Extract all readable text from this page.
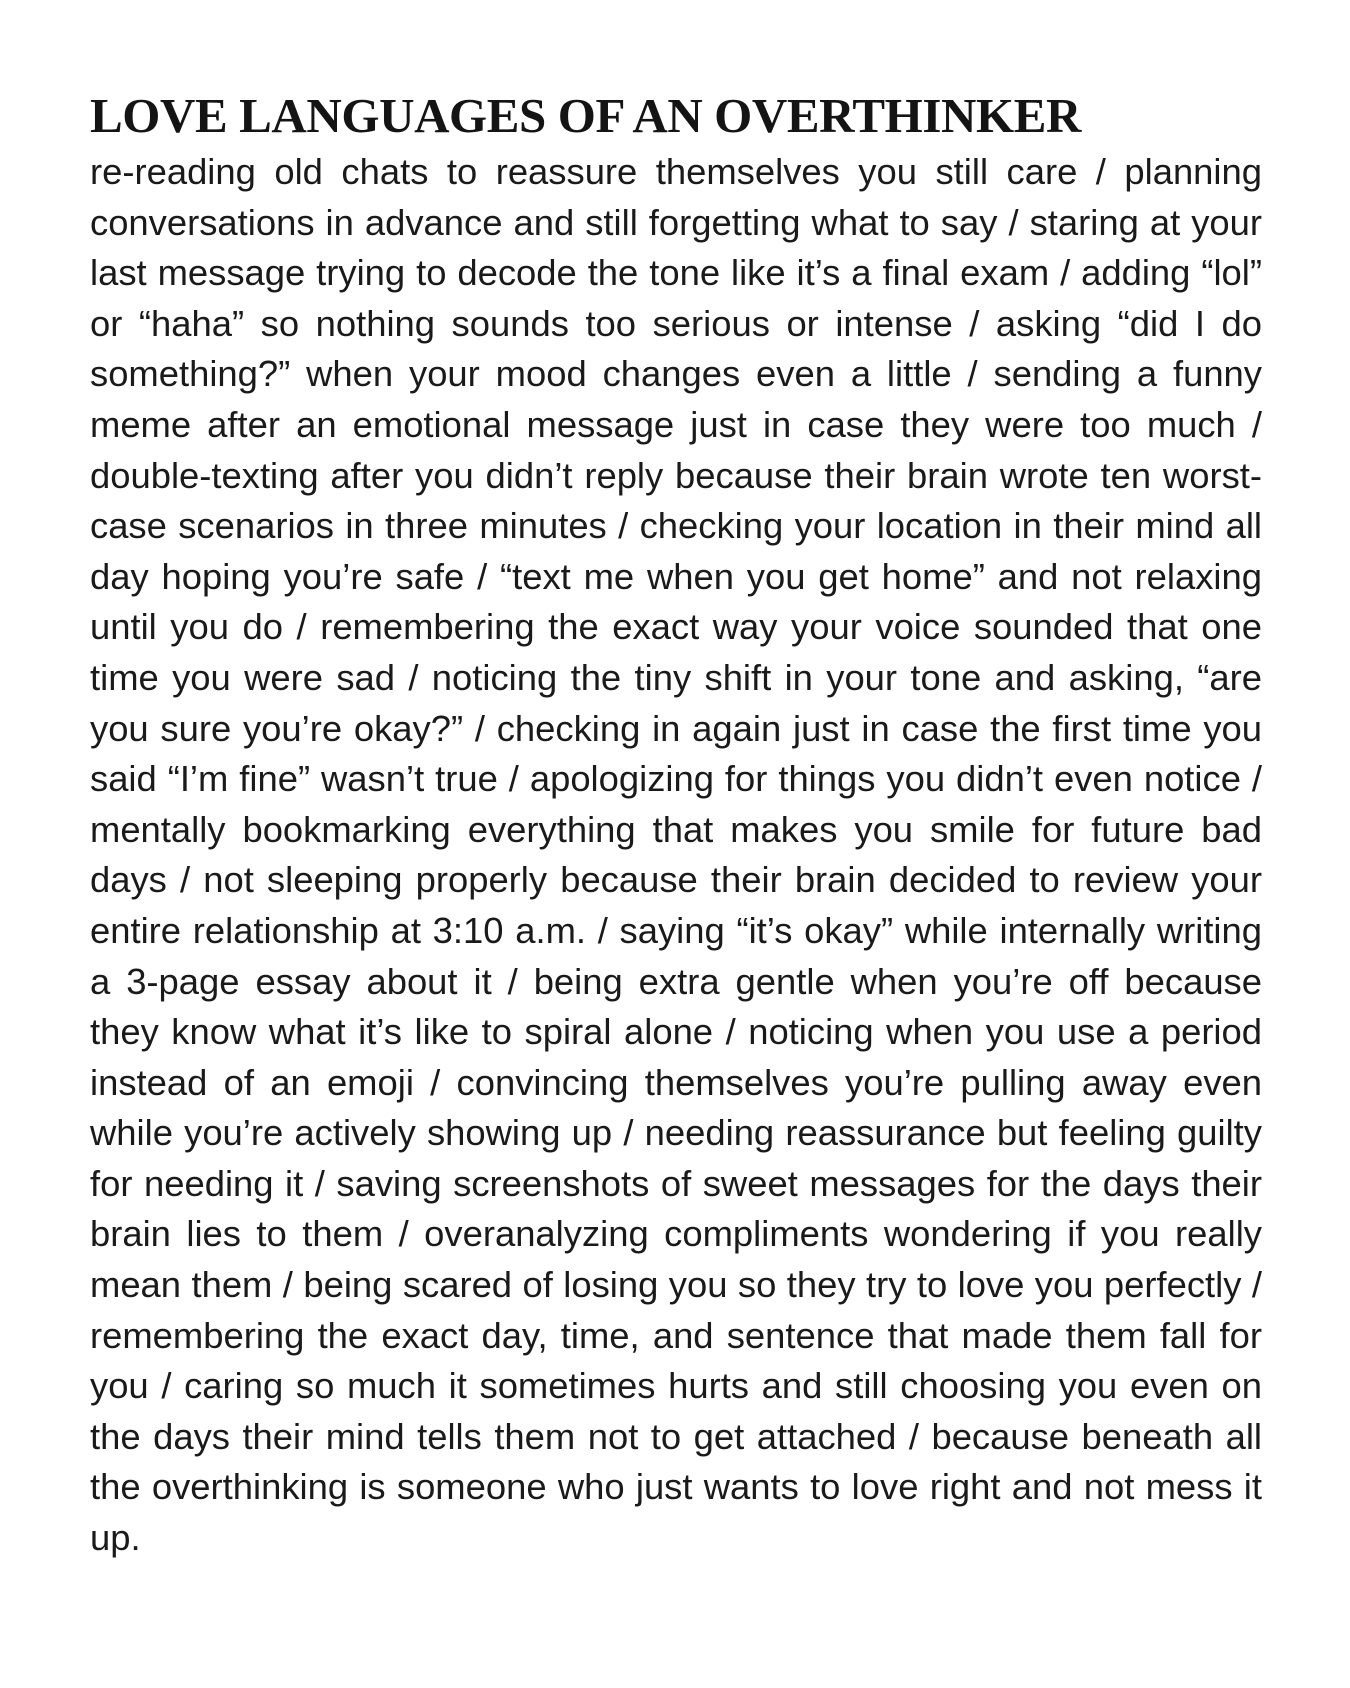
LOVE LANGUAGES OF AN OVERTHINKER

re-reading old chats to reassure themselves you still care / planning conversations in advance and still forgetting what to say / staring at your last message trying to decode the tone like it’s a final exam / adding “lol” or “haha” so nothing sounds too serious or intense / asking “did I do something?” when your mood changes even a little / sending a funny meme after an emotional message just in case they were too much / double-texting after you didn’t reply because their brain wrote ten worst-case scenarios in three minutes / checking your location in their mind all day hoping you’re safe / “text me when you get home” and not relaxing until you do / remembering the exact way your voice sounded that one time you were sad / noticing the tiny shift in your tone and asking, “are you sure you’re okay?” / checking in again just in case the first time you said “I’m fine” wasn’t true / apologizing for things you didn’t even notice / mentally bookmarking everything that makes you smile for future bad days / not sleeping properly because their brain decided to review your entire relationship at 3:10 a.m. / saying “it’s okay” while internally writing a 3-page essay about it / being extra gentle when you’re off because they know what it’s like to spiral alone / noticing when you use a period instead of an emoji / convincing themselves you’re pulling away even while you’re actively showing up / needing reassurance but feeling guilty for needing it / saving screenshots of sweet messages for the days their brain lies to them / overanalyzing compliments wondering if you really mean them / being scared of losing you so they try to love you perfectly / remembering the exact day, time, and sentence that made them fall for you / caring so much it sometimes hurts and still choosing you even on the days their mind tells them not to get attached / because beneath all the overthinking is someone who just wants to love right and not mess it up.
